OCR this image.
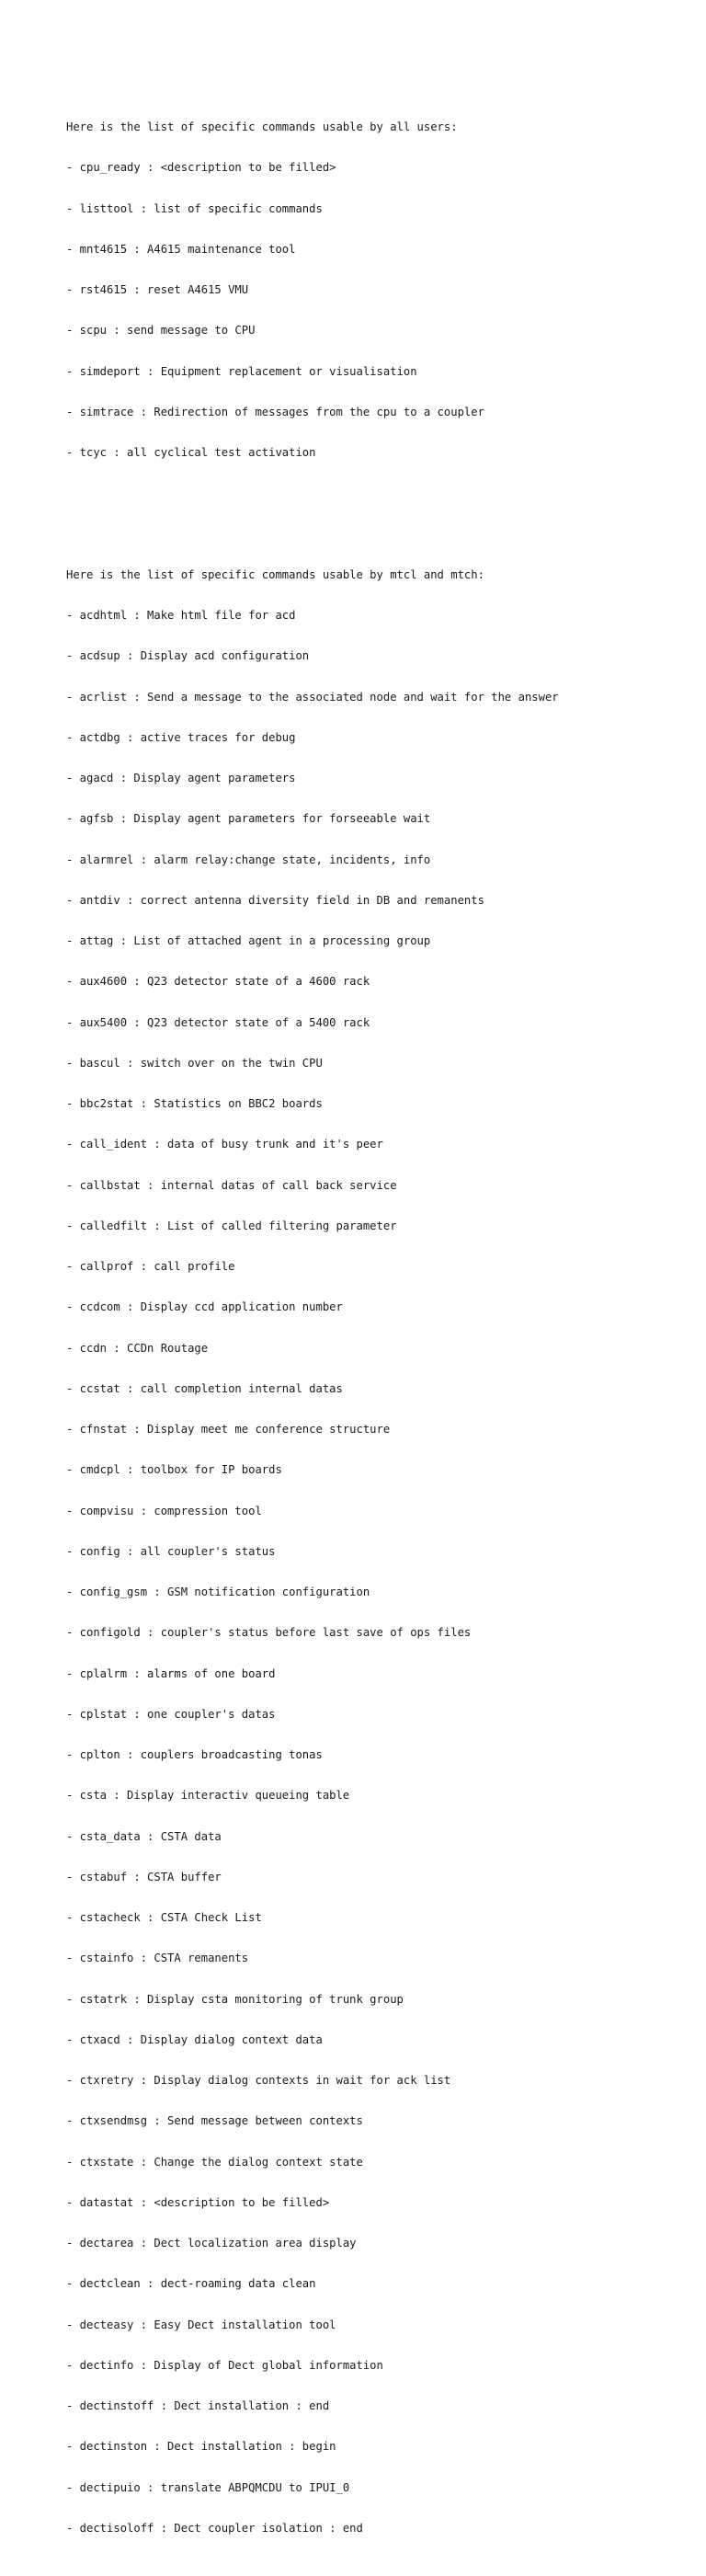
Here is the list of specific commands usable by all users:

- cpu_ready : <description to be filled>

- listtool : list of specific commands

- mnt4615 : A4615 maintenance tool

- rst4615 : reset A4615 VMU

- scpu : send message to CPU

- simdeport : Equipment replacement or visualisation

- simtrace : Redirection of messages from the cpu to a coupler

- tcyc : all cyclical test activation

Here is the list of specific commands usable by mtcl and mtch:

- acdhtml : Make html file for acd

- acdsup : Display acd configuration

- acrlist : Send a message to the associated node and wait for the answer

- actdbg : active traces for debug

- agacd : Display agent parameters

- agfsb : Display agent parameters for forseeable wait

- alarmrel : alarm relay:change state, incidents, info

- antdiv : correct antenna diversity field in DB and remanents

- attag : List of attached agent in a processing group

- aux4600 : Q23 detector state of a 4600 rack

- aux5400 : Q23 detector state of a 5400 rack

- bascul : switch over on the twin CPU

- bbc2stat : Statistics on BBC2 boards

- call_ident : data of busy trunk and it's peer

- callbstat : internal datas of call back service

- calledfilt : List of called filtering parameter

- callprof : call profile

- ccdcom : Display ccd application number

- ccdn : CCDn Routage

- ccstat : call completion internal datas

- cfnstat : Display meet me conference structure

- cmdcpl : toolbox for IP boards

- compvisu : compression tool

- config : all coupler's status

- config_gsm : GSM notification configuration

- configold : coupler's status before last save of ops files

- cplalrm : alarms of one board

- cplstat : one coupler's datas

- cplton : couplers broadcasting tonas

- csta : Display interactiv queueing table

- csta_data : CSTA data

- cstabuf : CSTA buffer

- cstacheck : CSTA Check List

- cstainfo : CSTA remanents

- cstatrk : Display csta monitoring of trunk group

- ctxacd : Display dialog context data

- ctxretry : Display dialog contexts in wait for ack list

- ctxsendmsg : Send message between contexts

- ctxstate : Change the dialog context state

- datastat : <description to be filled>

- dectarea : Dect localization area display

- dectclean : dect-roaming data clean

- decteasy : Easy Dect installation tool

- dectinfo : Display of Dect global information

- dectinstoff : Dect installation : end

- dectinston : Dect installation : begin

- dectipuio : translate ABPQMCDU to IPUI_0

- dectisoloff : Dect coupler isolation : end
